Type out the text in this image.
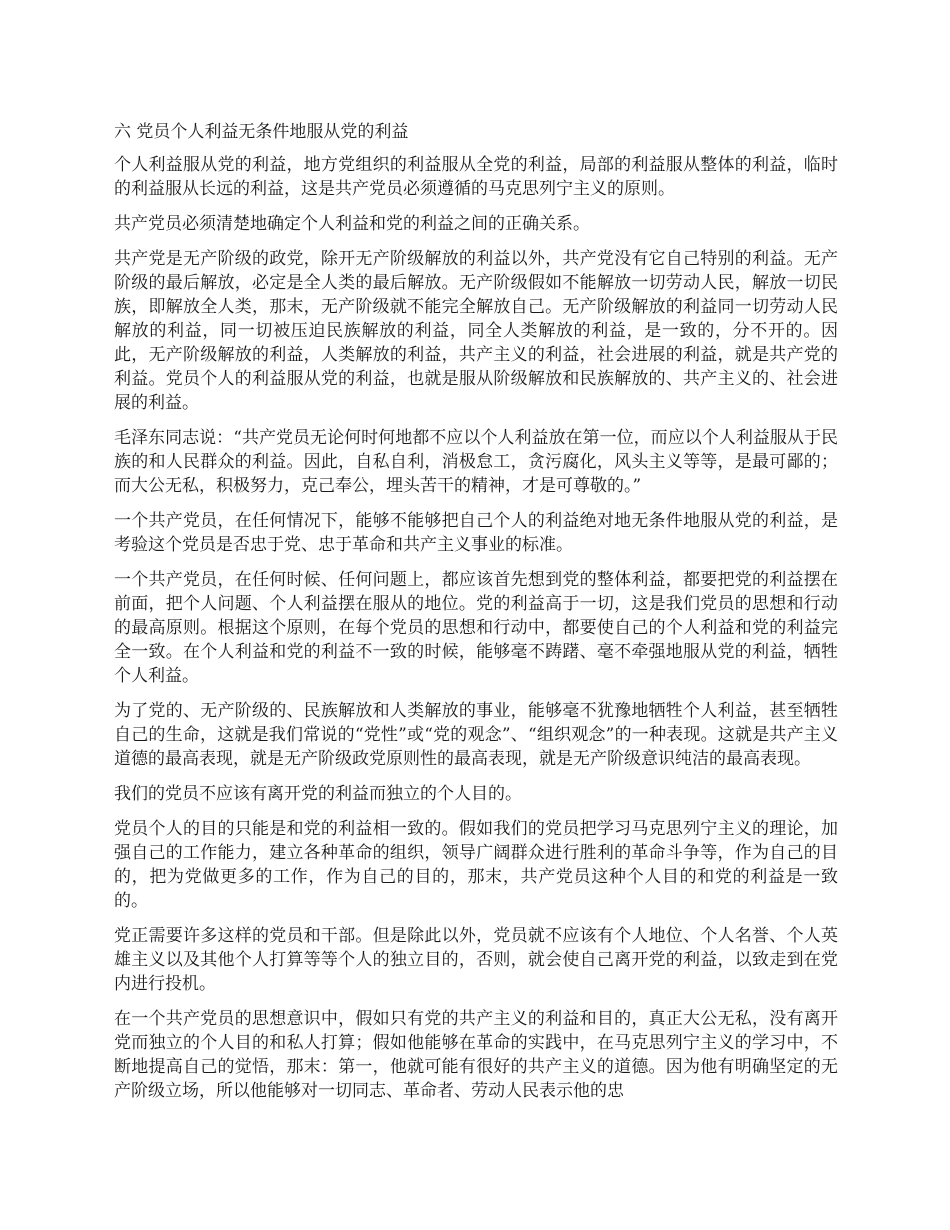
六 党员个人利益无条件地服从党的利益

个人利益服从党的利益，地方党组织的利益服从全党的利益，局部的利益服从整体的利益，临时的利益服从长远的利益，这是共产党员必须遵循的马克思列宁主义的原则。

共产党员必须清楚地确定个人利益和党的利益之间的正确关系。

共产党是无产阶级的政党，除开无产阶级解放的利益以外，共产党没有它自己特别的利益。无产阶级的最后解放，必定是全人类的最后解放。无产阶级假如不能解放一切劳动人民，解放一切民族，即解放全人类，那末，无产阶级就不能完全解放自己。无产阶级解放的利益同一切劳动人民解放的利益，同一切被压迫民族解放的利益，同全人类解放的利益，是一致的，分不开的。因此，无产阶级解放的利益，人类解放的利益，共产主义的利益，社会进展的利益，就是共产党的利益。党员个人的利益服从党的利益，也就是服从阶级解放和民族解放的、共产主义的、社会进展的利益。

毛泽东同志说：“共产党员无论何时何地都不应以个人利益放在第一位，而应以个人利益服从于民族的和人民群众的利益。因此，自私自利，消极怠工，贪污腐化，风头主义等等，是最可鄙的；而大公无私，积极努力，克己奉公，埋头苦干的精神，才是可尊敬的。”

一个共产党员，在任何情况下，能够不能够把自己个人的利益绝对地无条件地服从党的利益，是考验这个党员是否忠于党、忠于革命和共产主义事业的标准。

一个共产党员，在任何时候、任何问题上，都应该首先想到党的整体利益，都要把党的利益摆在前面，把个人问题、个人利益摆在服从的地位。党的利益高于一切，这是我们党员的思想和行动的最高原则。根据这个原则，在每个党员的思想和行动中，都要使自己的个人利益和党的利益完全一致。在个人利益和党的利益不一致的时候，能够毫不踌躇、毫不牵强地服从党的利益，牺牲个人利益。

为了党的、无产阶级的、民族解放和人类解放的事业，能够毫不犹豫地牺牲个人利益，甚至牺牲自己的生命，这就是我们常说的“党性”或“党的观念”、“组织观念”的一种表现。这就是共产主义道德的最高表现，就是无产阶级政党原则性的最高表现，就是无产阶级意识纯洁的最高表现。

我们的党员不应该有离开党的利益而独立的个人目的。

党员个人的目的只能是和党的利益相一致的。假如我们的党员把学习马克思列宁主义的理论，加强自己的工作能力，建立各种革命的组织，领导广阔群众进行胜利的革命斗争等，作为自己的目的，把为党做更多的工作，作为自己的目的，那末，共产党员这种个人目的和党的利益是一致的。

党正需要许多这样的党员和干部。但是除此以外，党员就不应该有个人地位、个人名誉、个人英雄主义以及其他个人打算等等个人的独立目的，否则，就会使自己离开党的利益，以致走到在党内进行投机。

在一个共产党员的思想意识中，假如只有党的共产主义的利益和目的，真正大公无私，没有离开党而独立的个人目的和私人打算；假如他能够在革命的实践中，在马克思列宁主义的学习中，不断地提高自己的觉悟，那末：第一，他就可能有很好的共产主义的道德。因为他有明确坚定的无产阶级立场，所以他能够对一切同志、革命者、劳动人民表示他的忠
